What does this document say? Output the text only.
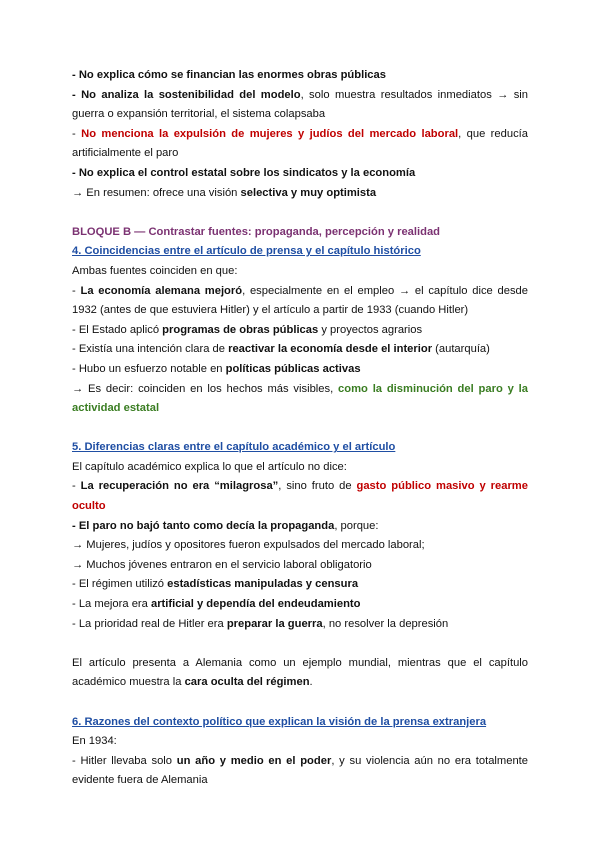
- No explica cómo se financian las enormes obras públicas

- No analiza la sostenibilidad del modelo, solo muestra resultados inmediatos → sin

guerra o expansión territorial, el sistema colapsaba

- No menciona la expulsión de mujeres y judíos del mercado laboral, que reducía

artificialmente el paro

- No explica el control estatal sobre los sindicatos y la economía

→ En resumen: ofrece una visión selectiva y muy optimista

BLOQUE B — Contrastar fuentes: propaganda, percepción y realidad

4. Coincidencias entre el artículo de prensa y el capítulo histórico

Ambas fuentes coinciden en que:

- La economía alemana mejoró, especialmente en el empleo → el capítulo dice desde

1932 (antes de que estuviera Hitler) y el artículo a partir de 1933 (cuando Hitler)

- El Estado aplicó programas de obras públicas y proyectos agrarios

- Existía una intención clara de reactivar la economía desde el interior (autarquía)

- Hubo un esfuerzo notable en políticas públicas activas

→ Es decir: coinciden en los hechos más visibles, como la disminución del paro y la

actividad estatal

5. Diferencias claras entre el capítulo académico y el artículo

El capítulo académico explica lo que el artículo no dice:

- La recuperación no era “milagrosa”, sino fruto de gasto público masivo y rearme

oculto

- El paro no bajó tanto como decía la propaganda, porque:

→ Mujeres, judíos y opositores fueron expulsados del mercado laboral;

→ Muchos jóvenes entraron en el servicio laboral obligatorio

- El régimen utilizó estadísticas manipuladas y censura

- La mejora era artificial y dependía del endeudamiento

- La prioridad real de Hitler era preparar la guerra, no resolver la depresión

El artículo presenta a Alemania como un ejemplo mundial, mientras que el capítulo

académico muestra la cara oculta del régimen.

6. Razones del contexto político que explican la visión de la prensa extranjera

En 1934:

- Hitler llevaba solo un año y medio en el poder, y su violencia aún no era totalmente

evidente fuera de Alemania
